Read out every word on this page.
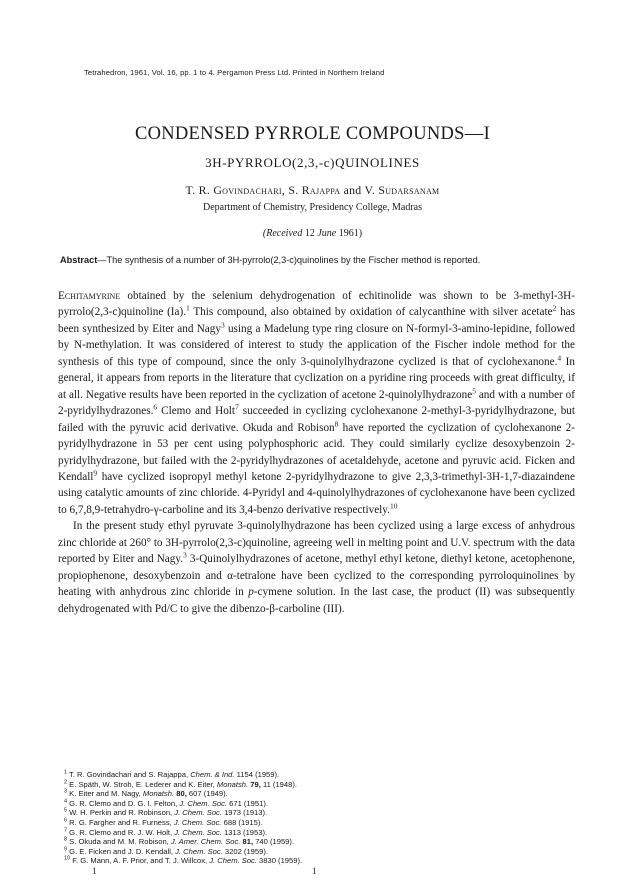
Tetrahedron, 1961, Vol. 16, pp. 1 to 4. Pergamon Press Ltd. Printed in Northern Ireland
CONDENSED PYRROLE COMPOUNDS—I
3H-PYRROLO(2,3,-c)QUINOLINES
T. R. Govindachari, S. Rajappa and V. Sudarsanam
Department of Chemistry, Presidency College, Madras
(Received 12 June 1961)
Abstract—The synthesis of a number of 3H-pyrrolo(2,3-c)quinolines by the Fischer method is reported.

Echitamyrine obtained by the selenium dehydrogenation of echitinolide was shown to be 3-methyl-3H-pyrrolo(2,3-c)quinoline (Ia).$^1$ This compound, also obtained by oxidation of calycanthine with silver acetate$^2$ has been synthesized by Eiter and Nagy$^3$ using a Madelung type ring closure on N-formyl-3-amino-lepidine, followed by N-methylation. It was considered of interest to study the application of the Fischer indole method for the synthesis of this type of compound, since the only 3-quinolylhydrazone cyclized is that of cyclohexanone.$^4$ In general, it appears from reports in the literature that cyclization on a pyridine ring proceeds with great difficulty, if at all. Negative results have been reported in the cyclization of acetone 2-quinolylhydrazone$^5$ and with a number of 2-pyridylhydrazones.$^6$ Clemo and Holt$^7$ succeeded in cyclizing cyclohexanone 2-methyl-3-pyridylhydrazone, but failed with the pyruvic acid derivative. Okuda and Robison$^8$ have reported the cyclization of cyclohexanone 2-pyridylhydrazone in 53 per cent using polyphosphoric acid. They could similarly cyclize desoxybenzoin 2-pyridylhydrazone, but failed with the 2-pyridylhydrazones of acetaldehyde, acetone and pyruvic acid. Ficken and Kendall$^9$ have cyclized isopropyl methyl ketone 2-pyridylhydrazone to give 2,3,3-trimethyl-3H-1,7-diazaindene using catalytic amounts of zinc chloride. 4-Pyridyl and 4-quinolylhydrazones of cyclohexanone have been cyclized to 6,7,8,9-tetrahydro-γ-carboline and its 3,4-benzo derivative respectively.$^{10}$

In the present study ethyl pyruvate 3-quinolylhydrazone has been cyclized using a large excess of anhydrous zinc chloride at 260° to 3H-pyrrolo(2,3-c)quinoline, agreeing well in melting point and U.V. spectrum with the data reported by Eiter and Nagy.$^3$ 3-Quinolylhydrazones of acetone, methyl ethyl ketone, diethyl ketone, acetophenone, propiophenone, desoxybenzoin and α-tetralone have been cyclized to the corresponding pyrroloquinolines by heating with anhydrous zinc chloride in p-cymene solution. In the last case, the product (II) was subsequently dehydrogenated with Pd/C to give the dibenzo-β-carboline (III).

$^1$ T. R. Govindachari and S. Rajappa, Chem. & Ind. 1154 (1959).
$^2$ E. Späth, W. Stroh, E. Lederer and K. Eiter, Monatsh. 79, 11 (1948).
$^3$ K. Eiter and M. Nagy, Monatsh. 80, 607 (1949).
$^4$ G. R. Clemo and D. G. I. Felton, J. Chem. Soc. 671 (1951).
$^5$ W. H. Perkin and R. Robinson, J. Chem. Soc. 1973 (1913).
$^6$ R. G. Fargher and R. Furness, J. Chem. Soc. 688 (1915).
$^7$ G. R. Clemo and R. J. W. Holt, J. Chem. Soc. 1313 (1953).
$^8$ S. Okuda and M. M. Robison, J. Amer. Chem. Soc. 81, 740 (1959).
$^9$ G. E. Ficken and J. D. Kendall, J. Chem. Soc. 3202 (1959).
$^{10}$ F. G. Mann, A. F. Prior, and T. J. Willcox, J. Chem. Soc. 3830 (1959).
1	1
